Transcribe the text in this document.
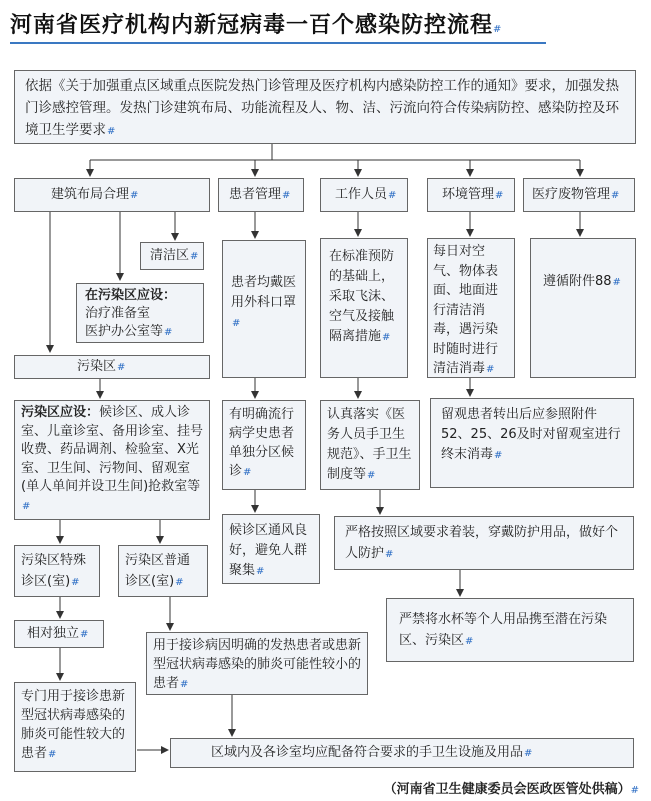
河南省医疗机构内新冠病毒一百个感染防控流程#
依据《关于加强重点区域重点医院发热门诊管理及医疗机构内感染防控工作的通知》要求，加强发热门诊感控管理。发热门诊建筑布局、功能流程及人、物、洁、污流向符合传染病防控、感染防控及环境卫生学要求#
建筑布局合理#	患者管理#	工作人员#	环境管理#	医疗废物管理#
清洁区#
在污染区应设：
治疗准备室
医护办公室等#
污染区#
污染区应设：候诊区、成人诊室、儿童诊室、备用诊室、挂号收费、药品调剂、检验室、X光室、卫生间、污物间、留观室(单人单间并设卫生间)抢救室等#
污染区特殊诊区(室)#
污染区普通诊区(室)#
相对独立#
专门用于接诊患新型冠状病毒感染的肺炎可能性较大的患者#
用于接诊病因明确的发热患者或患新型冠状病毒感染的肺炎可能性较小的患者#
区域内及各诊室均应配备符合要求的手卫生设施及用品#
患者均戴医用外科口罩#
有明确流行病学史患者单独分区候诊#
候诊区通风良好，避免人群聚集#
在标准预防的基础上，采取飞沫、空气及接触隔离措施#
认真落实《医务人员手卫生规范》、手卫生制度等#
严格按照区域要求着装，穿戴防护用品，做好个人防护#
严禁将水杯等个人用品携至潜在污染区、污染区#
每日对空气、物体表面、地面进行清洁消毒，遇污染时随时进行清洁消毒#
留观患者转出后应参照附件52、25、26及时对留观室进行终末消毒#
遵循附件88#
（河南省卫生健康委员会医政医管处供稿）#
